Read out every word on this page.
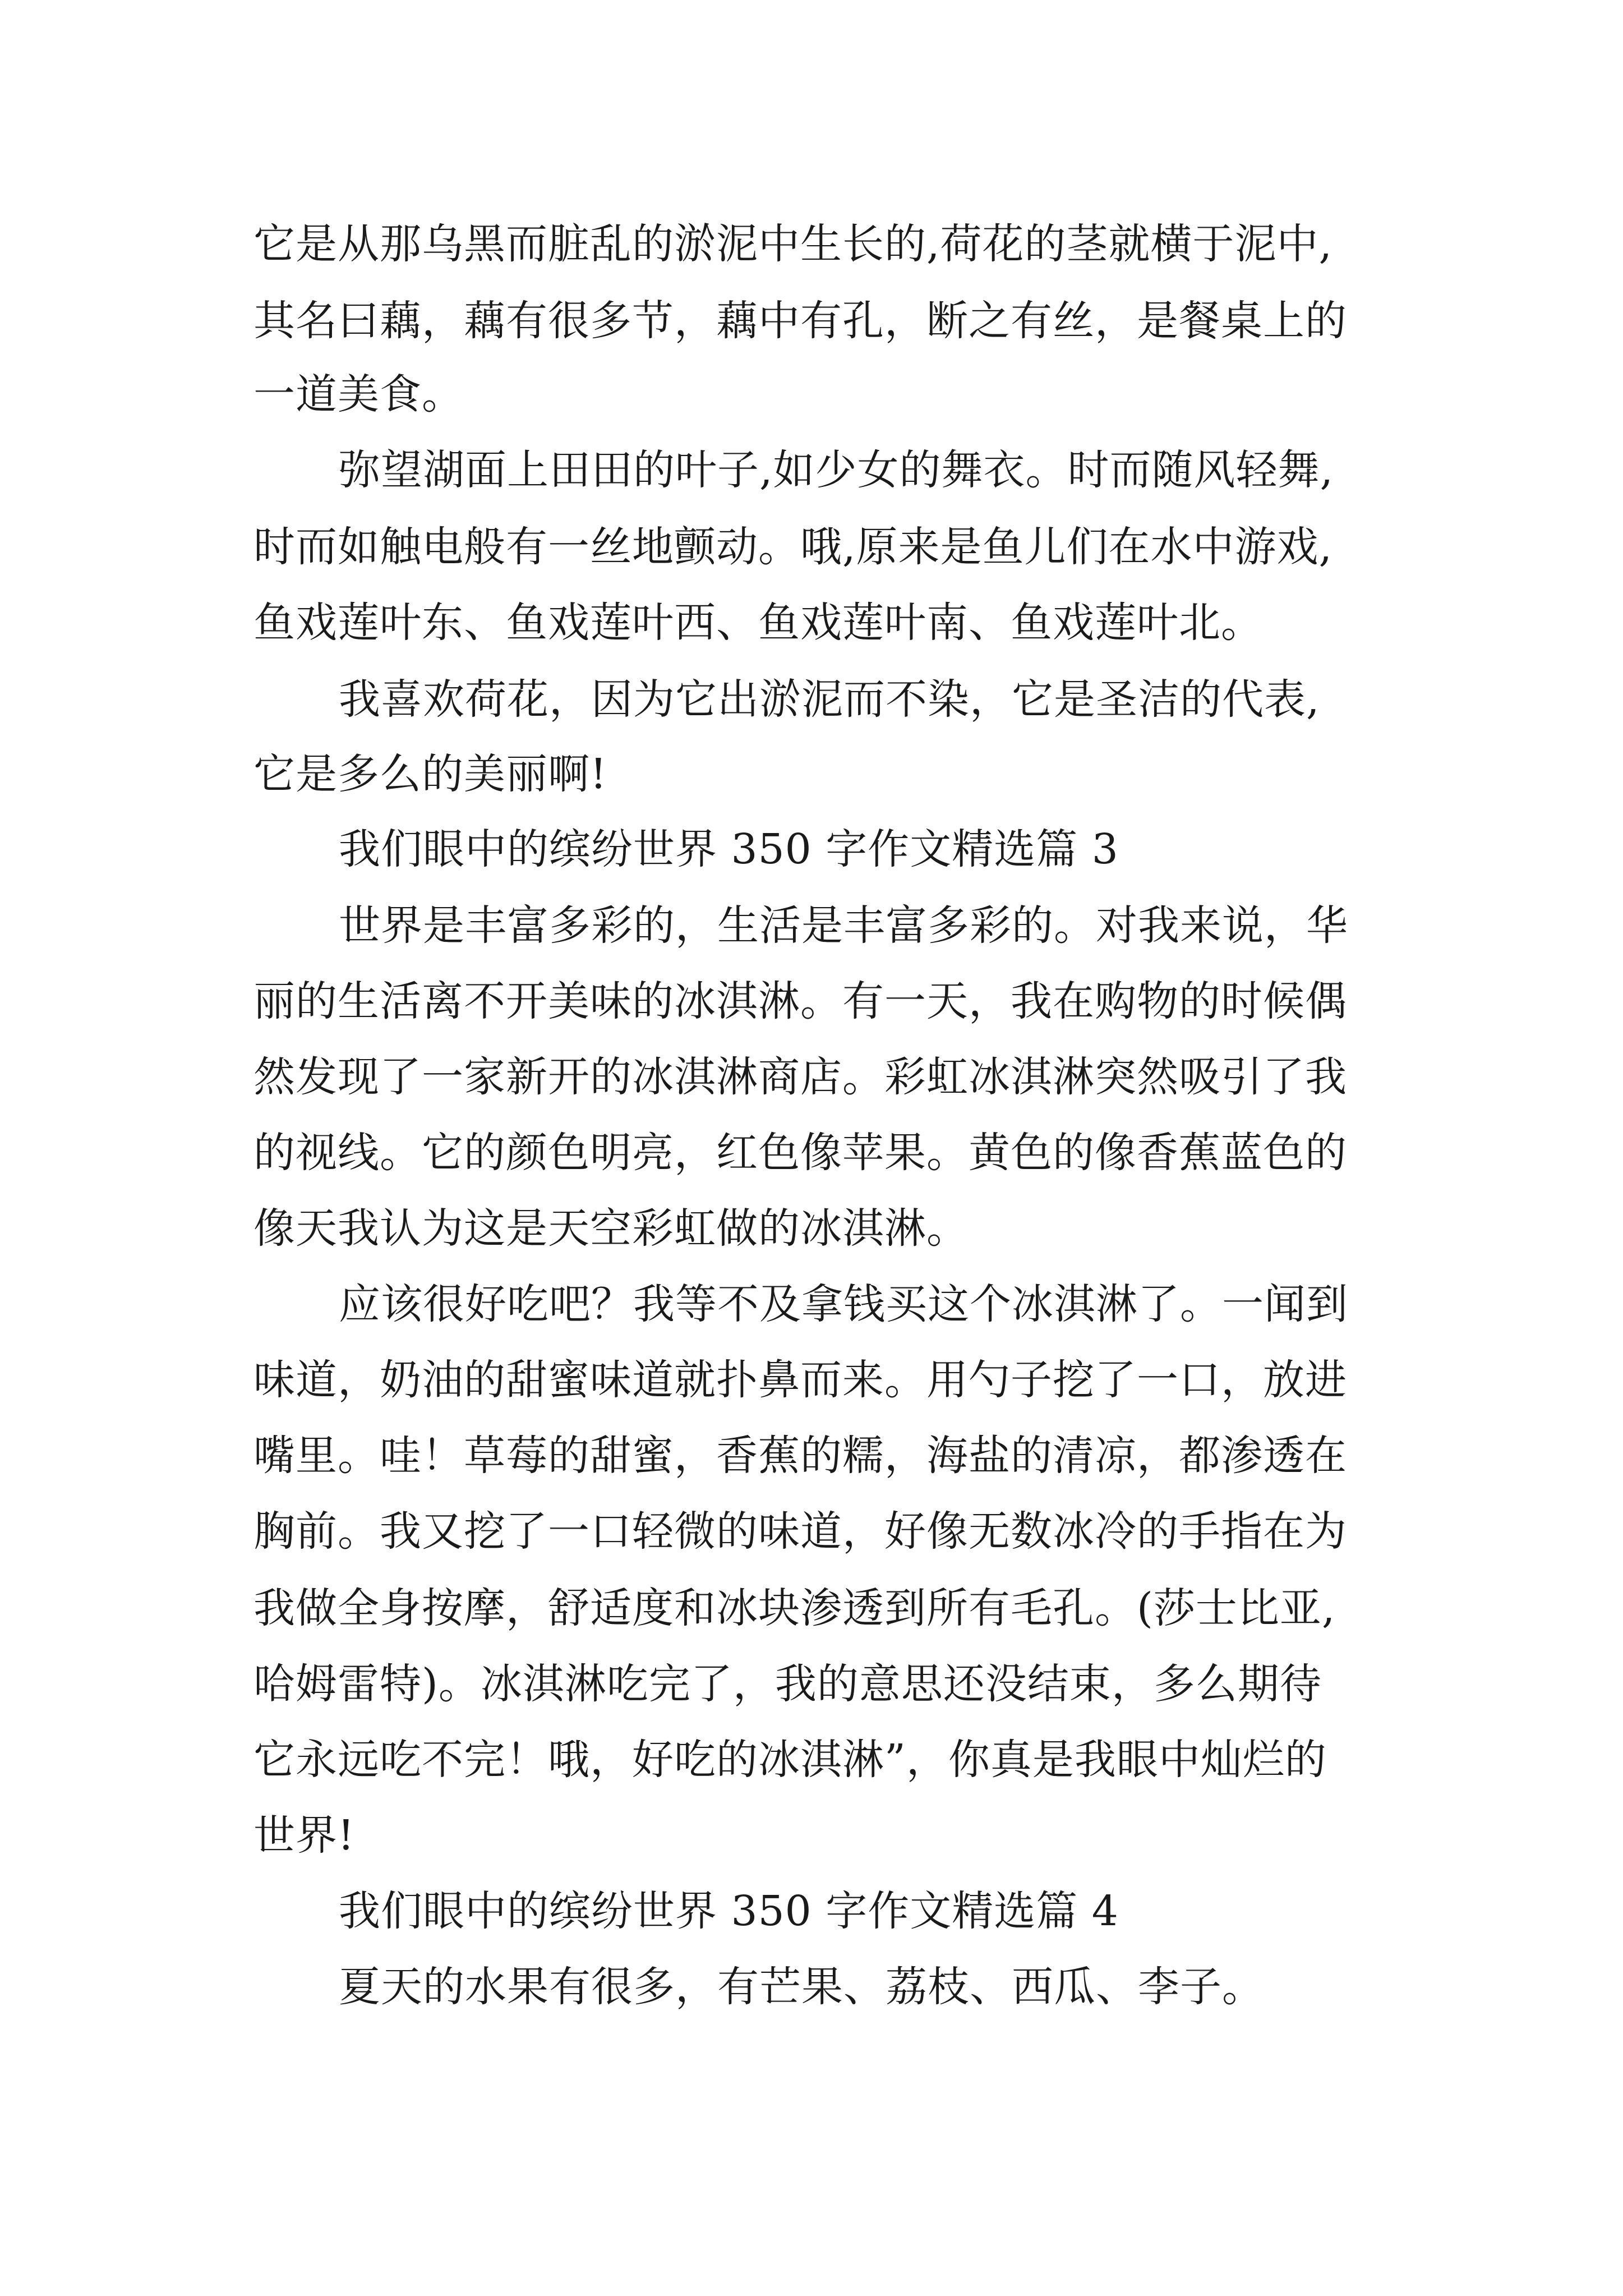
它是从那乌黑而脏乱的淤泥中生长的,荷花的茎就横于泥中,
其名曰藕，藕有很多节，藕中有孔，断之有丝，是餐桌上的
一道美食。
弥望湖面上田田的叶子,如少女的舞衣。时而随风轻舞,
时而如触电般有一丝地颤动。哦,原来是鱼儿们在水中游戏,
鱼戏莲叶东、鱼戏莲叶西、鱼戏莲叶南、鱼戏莲叶北。
我喜欢荷花，因为它出淤泥而不染，它是圣洁的代表,
它是多么的美丽啊!
我们眼中的缤纷世界 350 字作文精选篇 3
世界是丰富多彩的，生活是丰富多彩的。对我来说，华
丽的生活离不开美味的冰淇淋。有一天，我在购物的时候偶
然发现了一家新开的冰淇淋商店。彩虹冰淇淋突然吸引了我
的视线。它的颜色明亮，红色像苹果。黄色的像香蕉蓝色的
像天我认为这是天空彩虹做的冰淇淋。
应该很好吃吧？我等不及拿钱买这个冰淇淋了。一闻到
味道，奶油的甜蜜味道就扑鼻而来。用勺子挖了一口，放进
嘴里。哇！草莓的甜蜜，香蕉的糯，海盐的清凉，都渗透在
胸前。我又挖了一口轻微的味道，好像无数冰冷的手指在为
我做全身按摩，舒适度和冰块渗透到所有毛孔。(莎士比亚,
哈姆雷特)。冰淇淋吃完了，我的意思还没结束，多么期待
它永远吃不完！哦，好吃的冰淇淋”，你真是我眼中灿烂的
世界!
我们眼中的缤纷世界 350 字作文精选篇 4
夏天的水果有很多，有芒果、荔枝、西瓜、李子。
